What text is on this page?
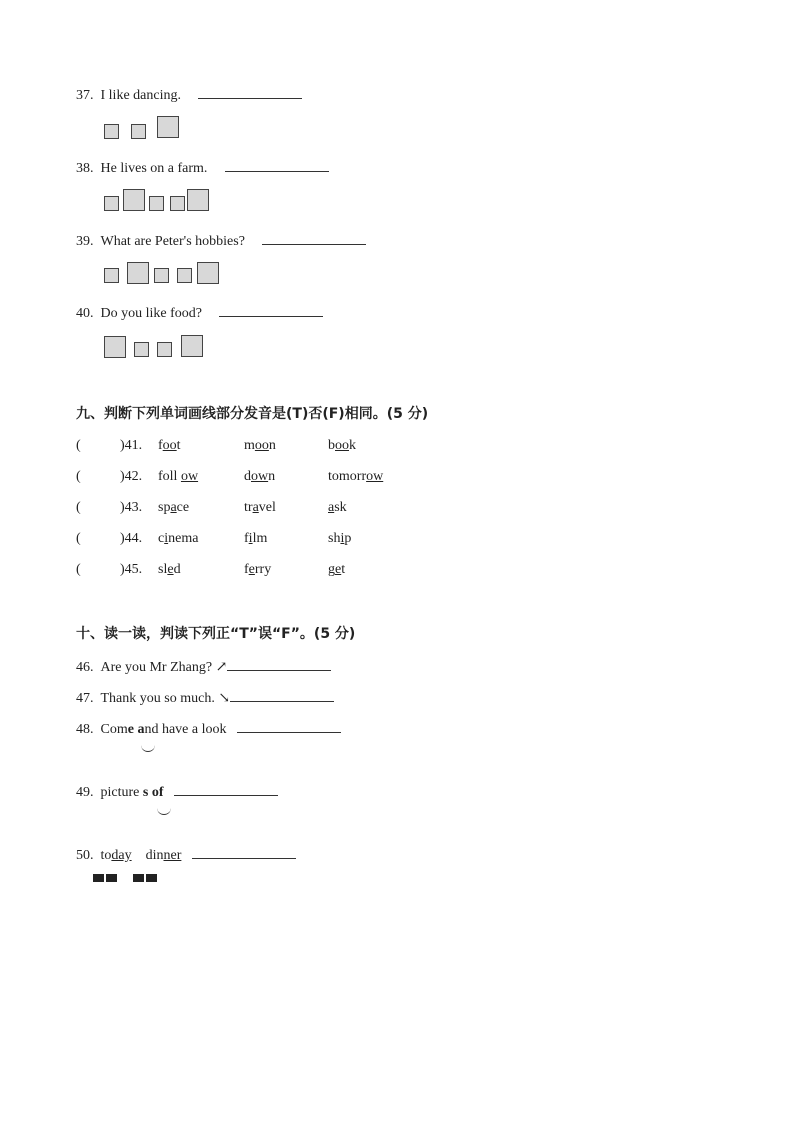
37. I like dancing.
38. He lives on a farm.
39. What are Peter's hobbies?
40. Do you like food?
九、判断下列单词画线部分发音是(T)否(F)相同。(5 分)
(	)41. foot	moon	book
(	)42. foll ow	down	tomorrow
(	)43. space	travel	ask
(	)44. cinema	film	ship
(	)45. sled	ferry	get
十、读一读，判读下列正“T”误“F”。(5 分)
46. Are you Mr Zhang? ↗
47. Thank you so much. ↘
48. Come and have a look
49. picture s of
50. today    dinner
